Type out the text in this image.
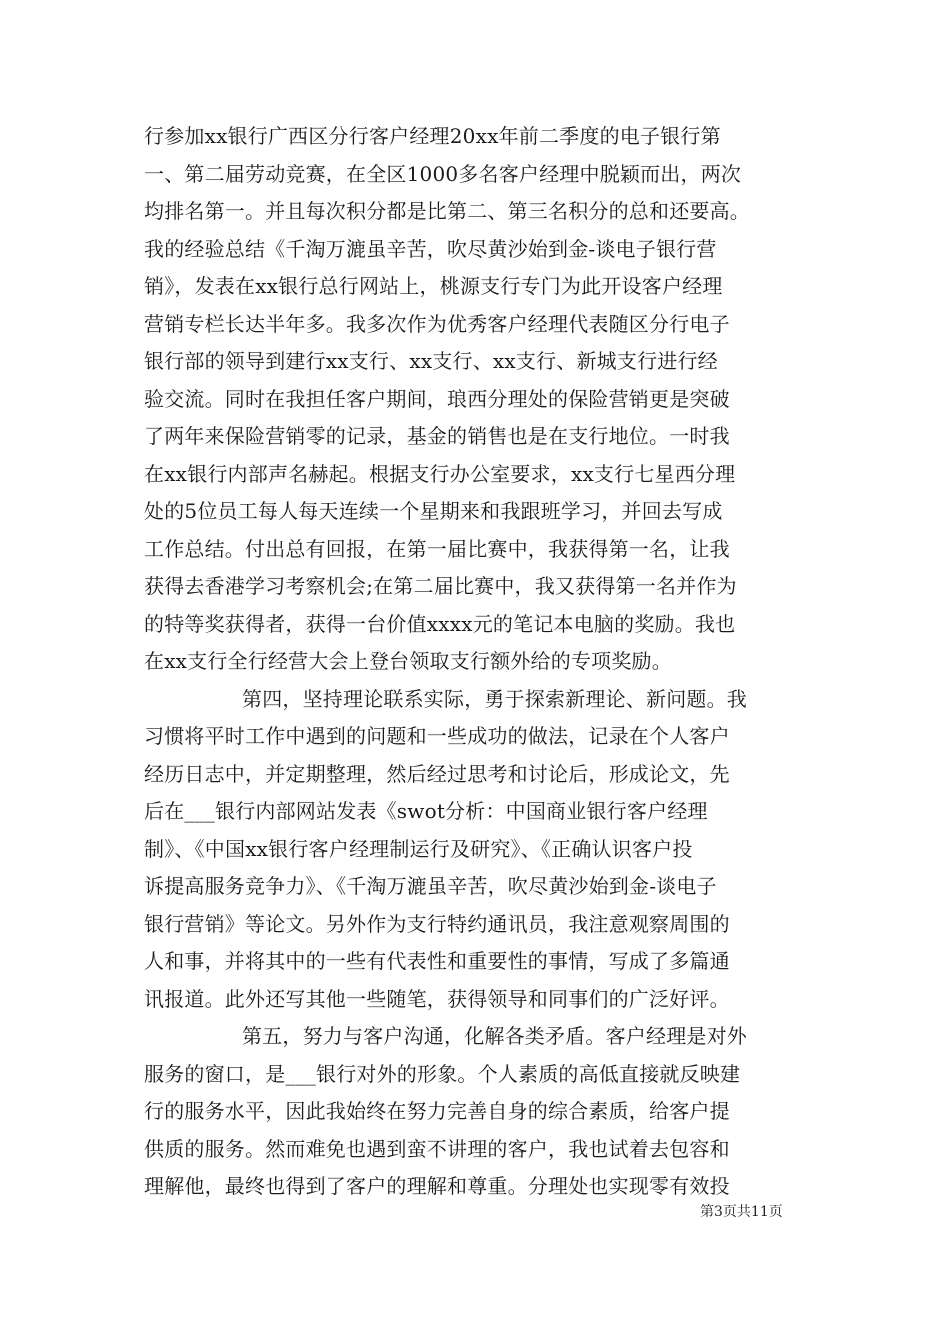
行参加xx银行广西区分行客户经理20xx年前二季度的电子银行第
一、第二届劳动竞赛，在全区1000多名客户经理中脱颖而出，两次
均排名第一。并且每次积分都是比第二、第三名积分的总和还要高。
我的经验总结《千淘万漉虽辛苦，吹尽黄沙始到金-谈电子银行营
销》，发表在xx银行总行网站上，桃源支行专门为此开设客户经理
营销专栏长达半年多。我多次作为优秀客户经理代表随区分行电子
银行部的领导到建行xx支行、xx支行、xx支行、新城支行进行经
验交流。同时在我担任客户期间，琅西分理处的保险营销更是突破
了两年来保险营销零的记录，基金的销售也是在支行地位。一时我
在xx银行内部声名赫起。根据支行办公室要求，xx支行七星西分理
处的5位员工每人每天连续一个星期来和我跟班学习，并回去写成
工作总结。付出总有回报，在第一届比赛中，我获得第一名，让我
获得去香港学习考察机会;在第二届比赛中，我又获得第一名并作为
的特等奖获得者，获得一台价值xxxx元的笔记本电脑的奖励。我也
在xx支行全行经营大会上登台领取支行额外给的专项奖励。
第四，坚持理论联系实际，勇于探索新理论、新问题。我
习惯将平时工作中遇到的问题和一些成功的做法，记录在个人客户
经历日志中，并定期整理，然后经过思考和讨论后，形成论文，先
后在___银行内部网站发表《swot分析：中国商业银行客户经理
制》、《中国xx银行客户经理制运行及研究》、《正确认识客户投
诉提高服务竞争力》、《千淘万漉虽辛苦，吹尽黄沙始到金-谈电子
银行营销》等论文。另外作为支行特约通讯员，我注意观察周围的
人和事，并将其中的一些有代表性和重要性的事情，写成了多篇通
讯报道。此外还写其他一些随笔，获得领导和同事们的广泛好评。
第五，努力与客户沟通，化解各类矛盾。客户经理是对外
服务的窗口，是___银行对外的形象。个人素质的高低直接就反映建
行的服务水平，因此我始终在努力完善自身的综合素质，给客户提
供质的服务。然而难免也遇到蛮不讲理的客户，我也试着去包容和
理解他，最终也得到了客户的理解和尊重。分理处也实现零有效投
第3页共11页
